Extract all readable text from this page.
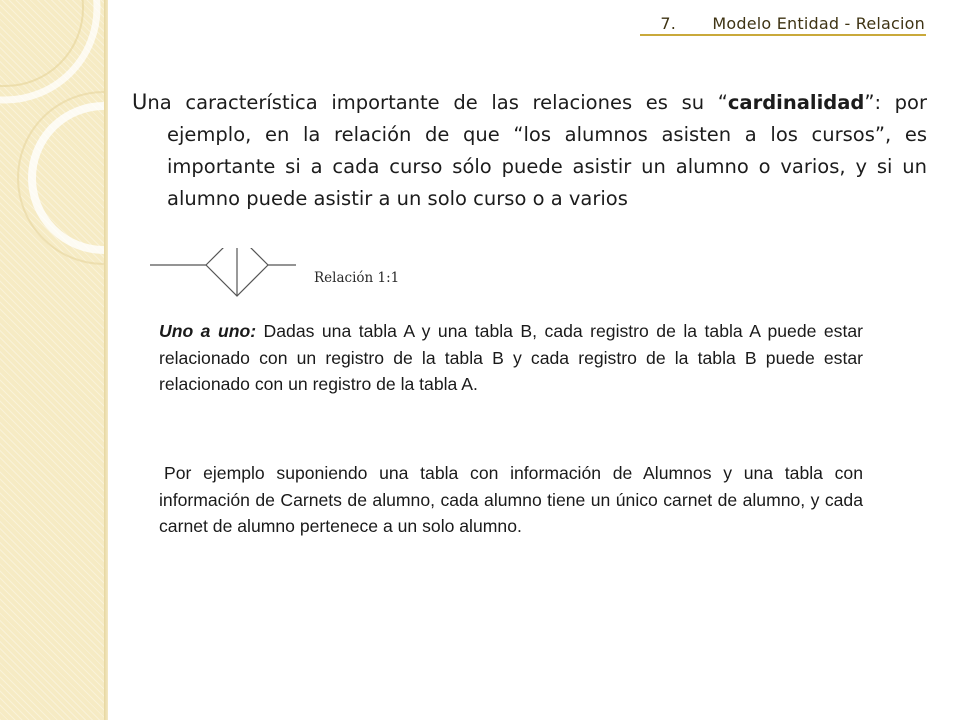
7. Modelo Entidad - Relacion
Una característica importante de las relaciones es su “cardinalidad”: por ejemplo, en la relación de que “los alumnos asisten a los cursos”, es importante si a cada curso sólo puede asistir un alumno o varios, y si un alumno puede asistir a un solo curso o a varios
Relación 1:1
Uno a uno: Dadas una tabla A y una tabla B, cada registro de la tabla A puede estar relacionado con un registro de la tabla B y cada registro de la tabla B puede estar relacionado con un registro de la tabla A.
Por ejemplo suponiendo una tabla con información de Alumnos y una tabla con información de Carnets de alumno, cada alumno tiene un único carnet de alumno, y cada carnet de alumno pertenece a un solo alumno.
